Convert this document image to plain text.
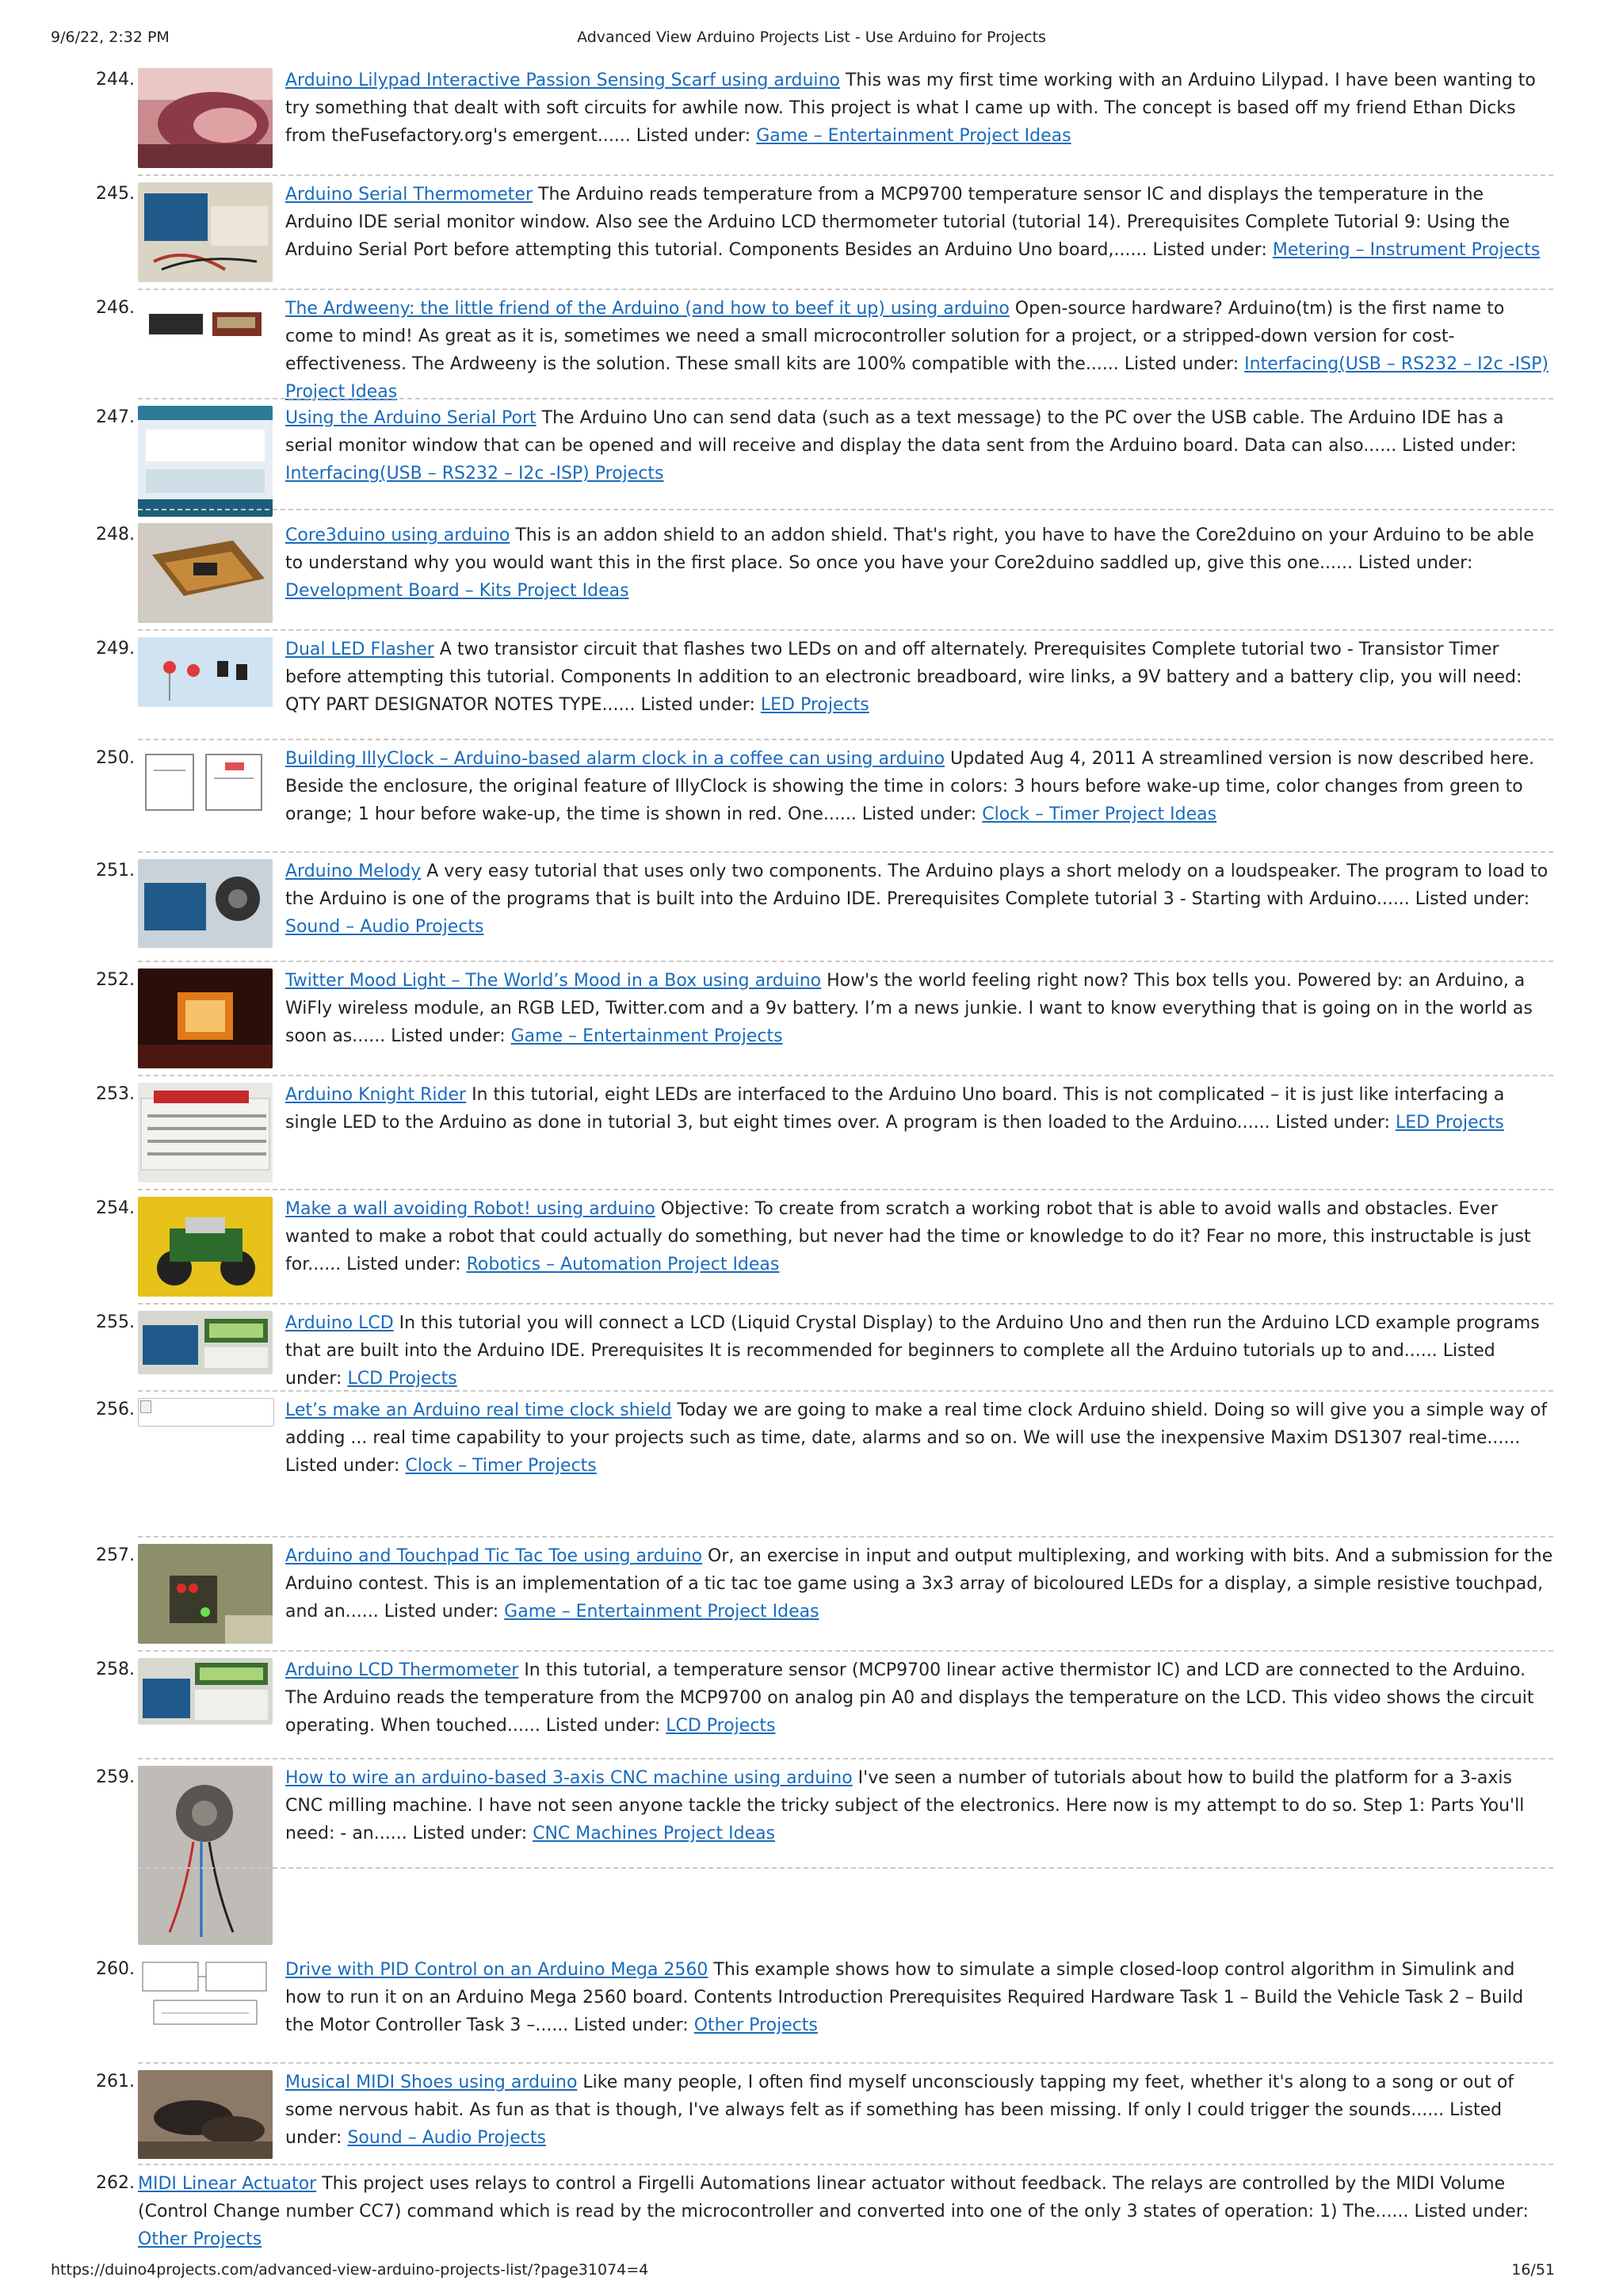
9/6/22, 2:32 PM	Advanced View Arduino Projects List - Use Arduino for Projects
244.	Arduino Lilypad Interactive Passion Sensing Scarf using arduino This was my first time working with an Arduino Lilypad. I have been wanting to try something that dealt with soft circuits for awhile now. This project is what I came up with. The concept is based off my friend Ethan Dicks from theFusefactory.org's emergent...... Listed under: Game – Entertainment Project Ideas
245.	Arduino Serial Thermometer The Arduino reads temperature from a MCP9700 temperature sensor IC and displays the temperature in the Arduino IDE serial monitor window. Also see the Arduino LCD thermometer tutorial (tutorial 14). Prerequisites Complete Tutorial 9: Using the Arduino Serial Port before attempting this tutorial. Components Besides an Arduino Uno board,...... Listed under: Metering – Instrument Projects
246.	The Ardweeny: the little friend of the Arduino (and how to beef it up) using arduino Open-source hardware? Arduino(tm) is the first name to come to mind! As great as it is, sometimes we need a small microcontroller solution for a project, or a stripped-down version for cost-effectiveness. The Ardweeny is the solution. These small kits are 100% compatible with the...... Listed under: Interfacing(USB – RS232 – I2c -ISP) Project Ideas
247.	Using the Arduino Serial Port The Arduino Uno can send data (such as a text message) to the PC over the USB cable. The Arduino IDE has a serial monitor window that can be opened and will receive and display the data sent from the Arduino board. Data can also...... Listed under: Interfacing(USB – RS232 – I2c -ISP) Projects
248.	Core3duino using arduino This is an addon shield to an addon shield. That's right, you have to have the Core2duino on your Arduino to be able to understand why you would want this in the first place. So once you have your Core2duino saddled up, give this one...... Listed under: Development Board – Kits Project Ideas
249.	Dual LED Flasher A two transistor circuit that flashes two LEDs on and off alternately. Prerequisites Complete tutorial two - Transistor Timer before attempting this tutorial. Components In addition to an electronic breadboard, wire links, a 9V battery and a battery clip, you will need: QTY PART DESIGNATOR NOTES TYPE...... Listed under: LED Projects
250.	Building IllyClock – Arduino-based alarm clock in a coffee can using arduino Updated Aug 4, 2011 A streamlined version is now described here. Beside the enclosure, the original feature of IllyClock is showing the time in colors: 3 hours before wake-up time, color changes from green to orange; 1 hour before wake-up, the time is shown in red. One...... Listed under: Clock – Timer Project Ideas
251.	Arduino Melody A very easy tutorial that uses only two components. The Arduino plays a short melody on a loudspeaker. The program to load to the Arduino is one of the programs that is built into the Arduino IDE. Prerequisites Complete tutorial 3 - Starting with Arduino...... Listed under: Sound – Audio Projects
252.	Twitter Mood Light – The World’s Mood in a Box using arduino How's the world feeling right now? This box tells you. Powered by: an Arduino, a WiFly wireless module, an RGB LED, Twitter.com and a 9v battery. I’m a news junkie. I want to know everything that is going on in the world as soon as...... Listed under: Game – Entertainment Projects
253.	Arduino Knight Rider In this tutorial, eight LEDs are interfaced to the Arduino Uno board. This is not complicated – it is just like interfacing a single LED to the Arduino as done in tutorial 3, but eight times over. A program is then loaded to the Arduino...... Listed under: LED Projects
254.	Make a wall avoiding Robot! using arduino Objective: To create from scratch a working robot that is able to avoid walls and obstacles. Ever wanted to make a robot that could actually do something, but never had the time or knowledge to do it? Fear no more, this instructable is just for...... Listed under: Robotics – Automation Project Ideas
255.	Arduino LCD In this tutorial you will connect a LCD (Liquid Crystal Display) to the Arduino Uno and then run the Arduino LCD example programs that are built into the Arduino IDE. Prerequisites It is recommended for beginners to complete all the Arduino tutorials up to and...... Listed under: LCD Projects
256.	Let’s make an Arduino real time clock shield Today we are going to make a real time clock Arduino shield. Doing so will give you a simple way of adding ... real time capability to your projects such as time, date, alarms and so on. We will use the inexpensive Maxim DS1307 real-time...... Listed under: Clock – Timer Projects
257.	Arduino and Touchpad Tic Tac Toe using arduino Or, an exercise in input and output multiplexing, and working with bits. And a submission for the Arduino contest. This is an implementation of a tic tac toe game using a 3x3 array of bicoloured LEDs for a display, a simple resistive touchpad, and an...... Listed under: Game – Entertainment Project Ideas
258.	Arduino LCD Thermometer In this tutorial, a temperature sensor (MCP9700 linear active thermistor IC) and LCD are connected to the Arduino. The Arduino reads the temperature from the MCP9700 on analog pin A0 and displays the temperature on the LCD. This video shows the circuit operating. When touched...... Listed under: LCD Projects
259.	How to wire an arduino-based 3-axis CNC machine using arduino I've seen a number of tutorials about how to build the platform for a 3-axis CNC milling machine. I have not seen anyone tackle the tricky subject of the electronics. Here now is my attempt to do so. Step 1: Parts You'll need: - an...... Listed under: CNC Machines Project Ideas
260.	Drive with PID Control on an Arduino Mega 2560 This example shows how to simulate a simple closed-loop control algorithm in Simulink and how to run it on an Arduino Mega 2560 board. Contents Introduction Prerequisites Required Hardware Task 1 – Build the Vehicle Task 2 – Build the Motor Controller Task 3 –...... Listed under: Other Projects
261.	Musical MIDI Shoes using arduino Like many people, I often find myself unconsciously tapping my feet, whether it's along to a song or out of some nervous habit. As fun as that is though, I've always felt as if something has been missing. If only I could trigger the sounds...... Listed under: Sound – Audio Projects
262. MIDI Linear Actuator This project uses relays to control a Firgelli Automations linear actuator without feedback. The relays are controlled by the MIDI Volume (Control Change number CC7) command which is read by the microcontroller and converted into one of the only 3 states of operation: 1) The...... Listed under: Other Projects
https://duino4projects.com/advanced-view-arduino-projects-list/?page31074=4	16/51
